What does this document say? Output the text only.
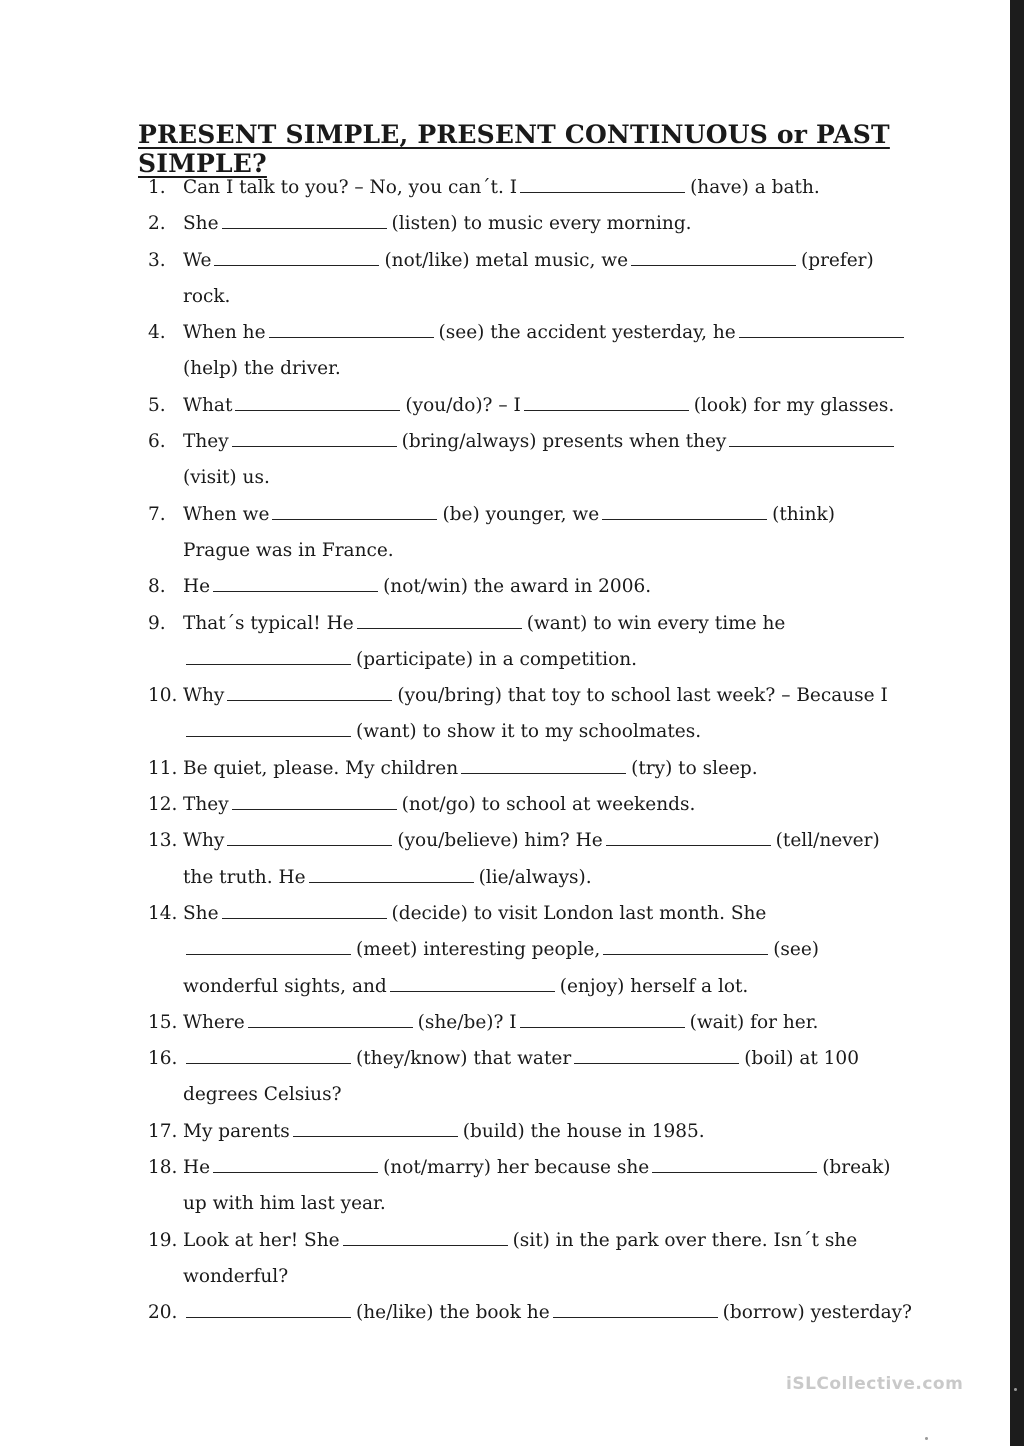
PRESENT SIMPLE, PRESENT CONTINUOUS or PAST SIMPLE?
1. Can I talk to you? – No, you can´t. I	(have) a bath.
2. She	(listen) to music every morning.
3. We	(not/like) metal music, we	(prefer)
rock.
4. When he	(see) the accident yesterday, he
(help) the driver.
5. What	(you/do)? – I	(look) for my glasses.
6. They	(bring/always) presents when they
(visit) us.
7. When we	(be) younger, we	(think)
Prague was in France.
8. He	(not/win) the award in 2006.
9. That´s typical! He	(want) to win every time he
(participate) in a competition.
10. Why	(you/bring) that toy to school last week? – Because I
(want) to show it to my schoolmates.
11. Be quiet, please. My children	(try) to sleep.
12. They	(not/go) to school at weekends.
13. Why	(you/believe) him? He	(tell/never)
the truth. He	(lie/always).
14. She	(decide) to visit London last month. She
(meet) interesting people,	(see)
wonderful sights, and	(enjoy) herself a lot.
15. Where	(she/be)? I	(wait) for her.
16.	(they/know) that water	(boil) at 100
degrees Celsius?
17. My parents	(build) the house in 1985.
18. He	(not/marry) her because she	(break)
up with him last year.
19. Look at her! She	(sit) in the park over there. Isn´t she
wonderful?
20.	(he/like) the book he	(borrow) yesterday?
iSLCollective.com
